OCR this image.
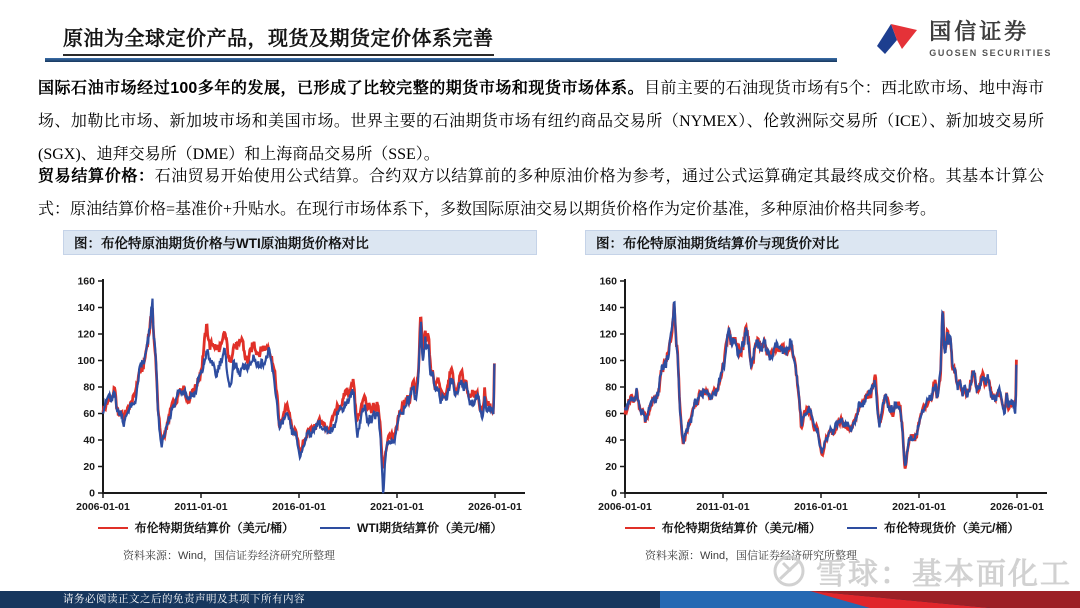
原油为全球定价产品，现货及期货定价体系完善	国信证券
GUOSEN SECURITIES

国际石油市场经过100多年的发展，已形成了比较完整的期货市场和现货市场体系。目前主要的石油现货市场有5个：西北欧市场、地中海市场、加勒比市场、新加坡市场和美国市场。世界主要的石油期货市场有纽约商品交易所（NYMEX）、伦敦洲际交易所（ICE）、新加坡交易所(SGX)、迪拜交易所（DME）和上海商品交易所（SSE）。

贸易结算价格：石油贸易开始使用公式结算。合约双方以结算前的多种原油价格为参考，通过公式运算确定其最终成交价格。其基本计算公式：原油结算价格=基准价+升贴水。在现行市场体系下，多数国际原油交易以期货价格作为定价基准，多种原油价格共同参考。

图：布伦特原油期货价格与WTI原油期货价格对比
0
20
40
60
80
100
120
140
160
2006-01-01	2011-01-01	2016-01-01	2021-01-01	2026-01-01
布伦特期货结算价（美元/桶）	WTI期货结算价（美元/桶）
资料来源：Wind，国信证券经济研究所整理
图：布伦特原油期货结算价与现货价对比
0
20
40
60
80
100
120
140
160
2006-01-01	2011-01-01	2016-01-01	2021-01-01	2026-01-01
布伦特期货结算价（美元/桶）	布伦特现货价（美元/桶）
资料来源：Wind，国信证券经济研究所整理
雪球：基本面化工
请务必阅读正文之后的免责声明及其项下所有内容
